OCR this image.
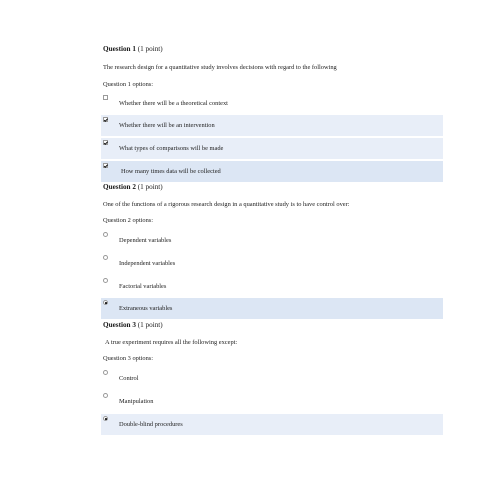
Question 1 (1 point)
The research design for a quantitative study involves decisions with regard to the following
Question 1 options:
Whether there will be a theoretical context
Whether there will be an intervention
What types of comparisons will be made
How many times data will be collected
Question 2 (1 point)
One of the functions of a rigorous research design in a quantitative study is to have control over:
Question 2 options:
Dependent variables
Independent variables
Factorial variables
Extraneous variables
Question 3 (1 point)
A true experiment requires all the following except:
Question 3 options:
Control
Manipulation
Double-blind procedures
